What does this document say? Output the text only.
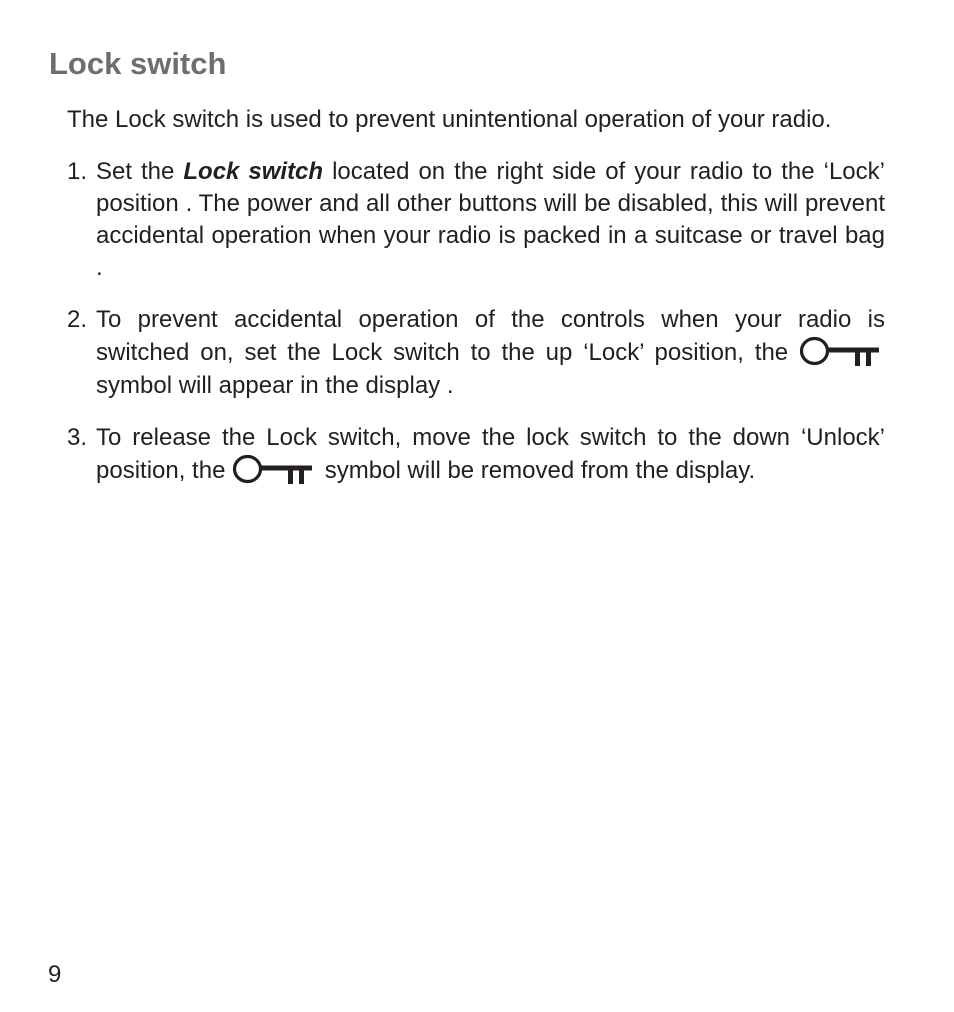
Lock switch

The Lock switch is used to prevent unintentional operation of your radio.

1. Set the Lock switch located on the right side of your radio to the ‘Lock’ position . The power and all other buttons will be disabled, this will prevent accidental operation when your radio is packed in a suitcase or travel bag .
2. To prevent accidental operation of the controls when your radio is switched on, set the Lock switch to the up ‘Lock’ position, the
symbol will appear in the display .
3. To release the Lock switch, move the lock switch to the down ‘Unlock’ position, the	symbol will be removed from the display.
9
